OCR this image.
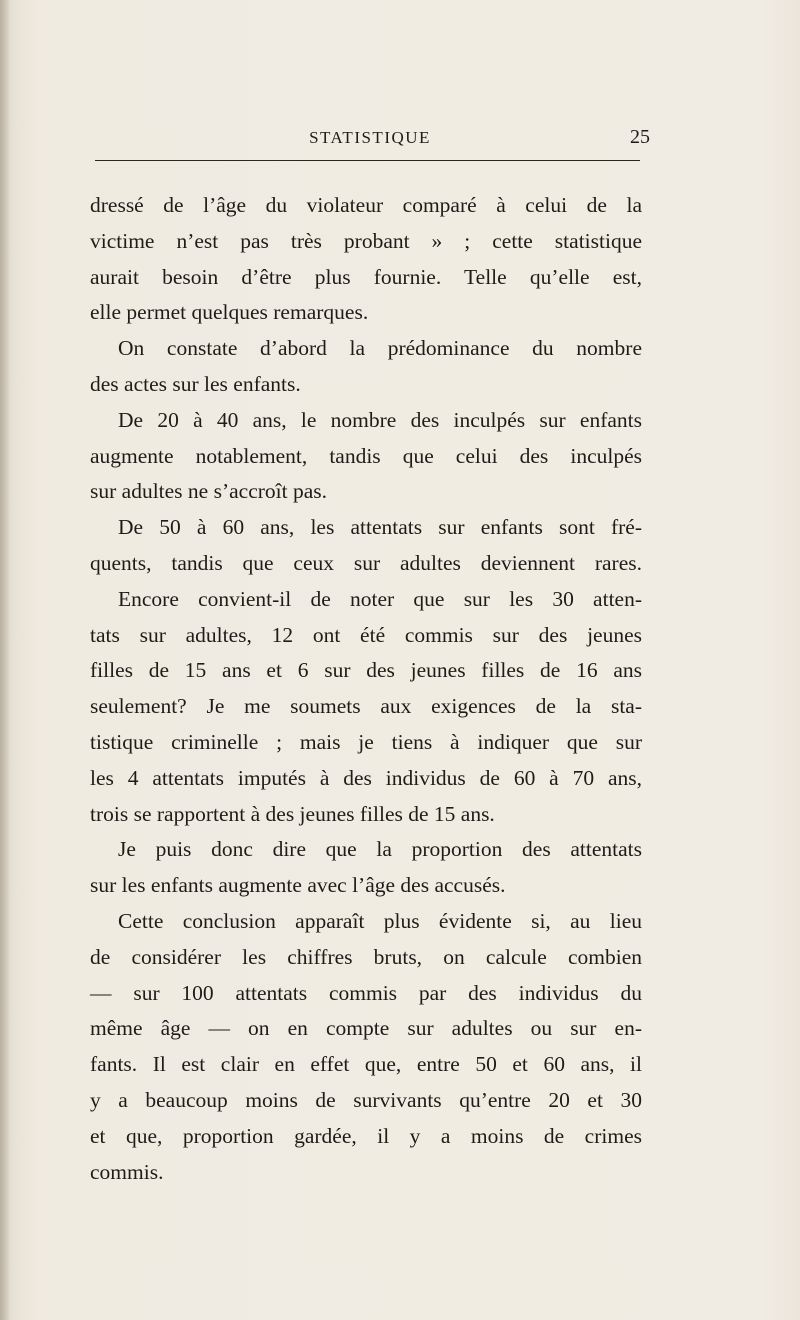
STATISTIQUE	25
dressé de l’âge du violateur comparé à celui de la
victime n’est pas très probant » ; cette statistique
aurait besoin d’être plus fournie. Telle qu’elle est,
elle permet quelques remarques.
On constate d’abord la prédominance du nombre
des actes sur les enfants.
De 20 à 40 ans, le nombre des inculpés sur enfants
augmente notablement, tandis que celui des inculpés
sur adultes ne s’accroît pas.
De 50 à 60 ans, les attentats sur enfants sont fré-
quents, tandis que ceux sur adultes deviennent rares.
Encore convient-il de noter que sur les 30 atten-
tats sur adultes, 12 ont été commis sur des jeunes
filles de 15 ans et 6 sur des jeunes filles de 16 ans
seulement? Je me soumets aux exigences de la sta-
tistique criminelle ; mais je tiens à indiquer que sur
les 4 attentats imputés à des individus de 60 à 70 ans,
trois se rapportent à des jeunes filles de 15 ans.
Je puis donc dire que la proportion des attentats
sur les enfants augmente avec l’âge des accusés.
Cette conclusion apparaît plus évidente si, au lieu
de considérer les chiffres bruts, on calcule combien
— sur 100 attentats commis par des individus du
même âge — on en compte sur adultes ou sur en-
fants. Il est clair en effet que, entre 50 et 60 ans, il
y a beaucoup moins de survivants qu’entre 20 et 30
et que, proportion gardée, il y a moins de crimes
commis.
